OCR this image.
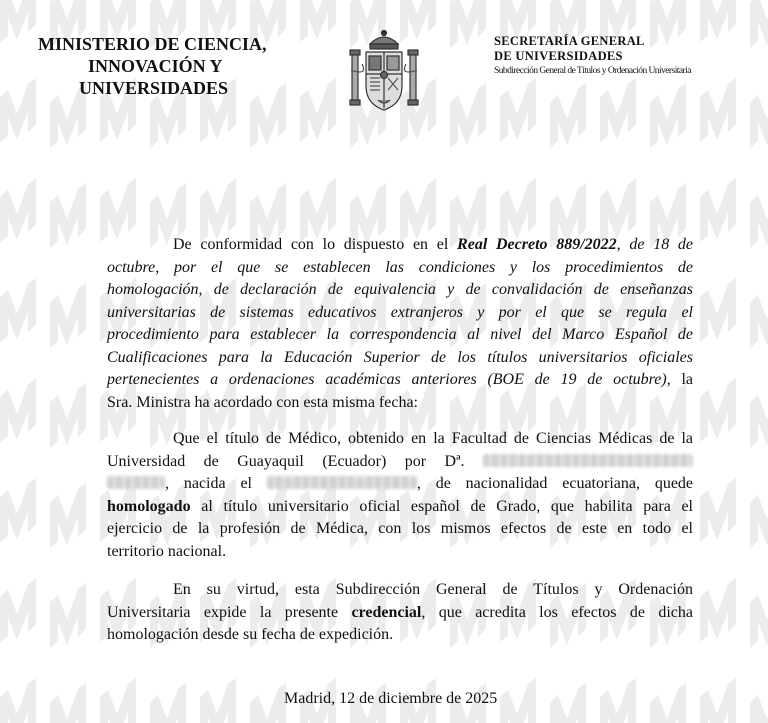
MINISTERIO DE CIENCIA,
INNOVACIÓN Y
UNIVERSIDADES
SECRETARÍA GENERAL
DE UNIVERSIDADES
Subdirección General de Títulos y Ordenación Universitaria
De conformidad con lo dispuesto en el Real Decreto 889/2022, de 18 de
octubre, por el que se establecen las condiciones y los procedimientos de
homologación, de declaración de equivalencia y de convalidación de enseñanzas
universitarias de sistemas educativos extranjeros y por el que se regula el
procedimiento para establecer la correspondencia al nivel del Marco Español de
Cualificaciones para la Educación Superior de los títulos universitarios oficiales
pertenecientes a ordenaciones académicas anteriores (BOE de 19 de octubre), la
Sra. Ministra ha acordado con esta misma fecha:
Que el título de Médico, obtenido en la Facultad de Ciencias Médicas de la
Universidad de Guayaquil (Ecuador) por Dª.
, nacida el	, de nacionalidad ecuatoriana, quede
homologado al título universitario oficial español de Grado, que habilita para el
ejercicio de la profesión de Médica, con los mismos efectos de este en todo el
territorio nacional.
En su virtud, esta Subdirección General de Títulos y Ordenación
Universitaria expide la presente credencial, que acredita los efectos de dicha
homologación desde su fecha de expedición.
Madrid, 12 de diciembre de 2025
